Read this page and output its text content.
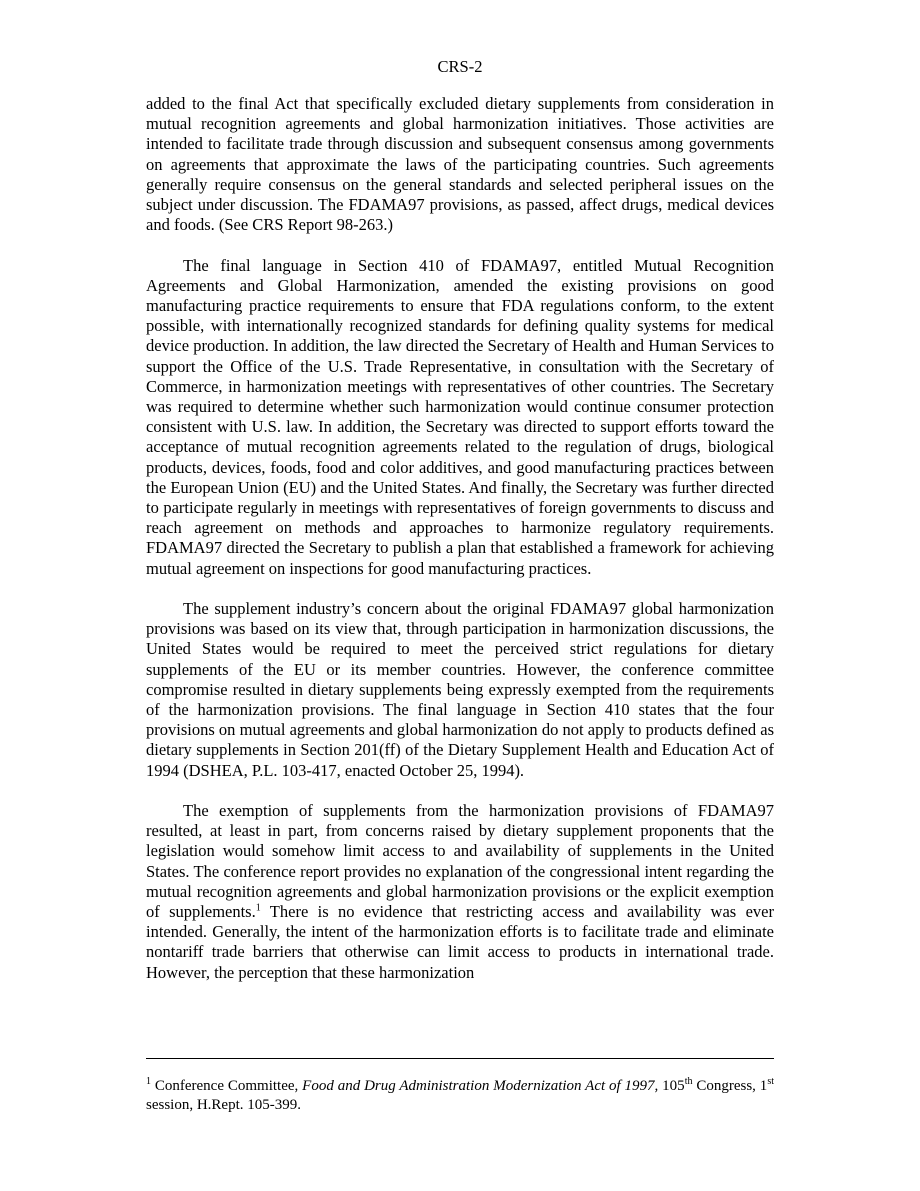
CRS-2

added to the final Act that specifically excluded dietary supplements from consideration in mutual recognition agreements and global harmonization initiatives. Those activities are intended to facilitate trade through discussion and subsequent consensus among governments on agreements that approximate the laws of the participating countries. Such agreements generally require consensus on the general standards and selected peripheral issues on the subject under discussion. The FDAMA97 provisions, as passed, affect drugs, medical devices and foods. (See CRS Report 98-263.)

The final language in Section 410 of FDAMA97, entitled Mutual Recognition Agreements and Global Harmonization, amended the existing provisions on good manufacturing practice requirements to ensure that FDA regulations conform, to the extent possible, with internationally recognized standards for defining quality systems for medical device production. In addition, the law directed the Secretary of Health and Human Services to support the Office of the U.S. Trade Representative, in consultation with the Secretary of Commerce, in harmonization meetings with representatives of other countries. The Secretary was required to determine whether such harmonization would continue consumer protection consistent with U.S. law. In addition, the Secretary was directed to support efforts toward the acceptance of mutual recognition agreements related to the regulation of drugs, biological products, devices, foods, food and color additives, and good manufacturing practices between the European Union (EU) and the United States. And finally, the Secretary was further directed to participate regularly in meetings with representatives of foreign governments to discuss and reach agreement on methods and approaches to harmonize regulatory requirements. FDAMA97 directed the Secretary to publish a plan that established a framework for achieving mutual agreement on inspections for good manufacturing practices.

The supplement industry’s concern about the original FDAMA97 global harmonization provisions was based on its view that, through participation in harmonization discussions, the United States would be required to meet the perceived strict regulations for dietary supplements of the EU or its member countries. However, the conference committee compromise resulted in dietary supplements being expressly exempted from the requirements of the harmonization provisions. The final language in Section 410 states that the four provisions on mutual agreements and global harmonization do not apply to products defined as dietary supplements in Section 201(ff) of the Dietary Supplement Health and Education Act of 1994 (DSHEA, P.L. 103-417, enacted October 25, 1994).

The exemption of supplements from the harmonization provisions of FDAMA97 resulted, at least in part, from concerns raised by dietary supplement proponents that the legislation would somehow limit access to and availability of supplements in the United States. The conference report provides no explanation of the congressional intent regarding the mutual recognition agreements and global harmonization provisions or the explicit exemption of supplements.$^1$ There is no evidence that restricting access and availability was ever intended. Generally, the intent of the harmonization efforts is to facilitate trade and eliminate nontariff trade barriers that otherwise can limit access to products in international trade. However, the perception that these harmonization

$^1$ Conference Committee, Food and Drug Administration Modernization Act of 1997, 105th Congress, 1st session, H.Rept. 105-399.
